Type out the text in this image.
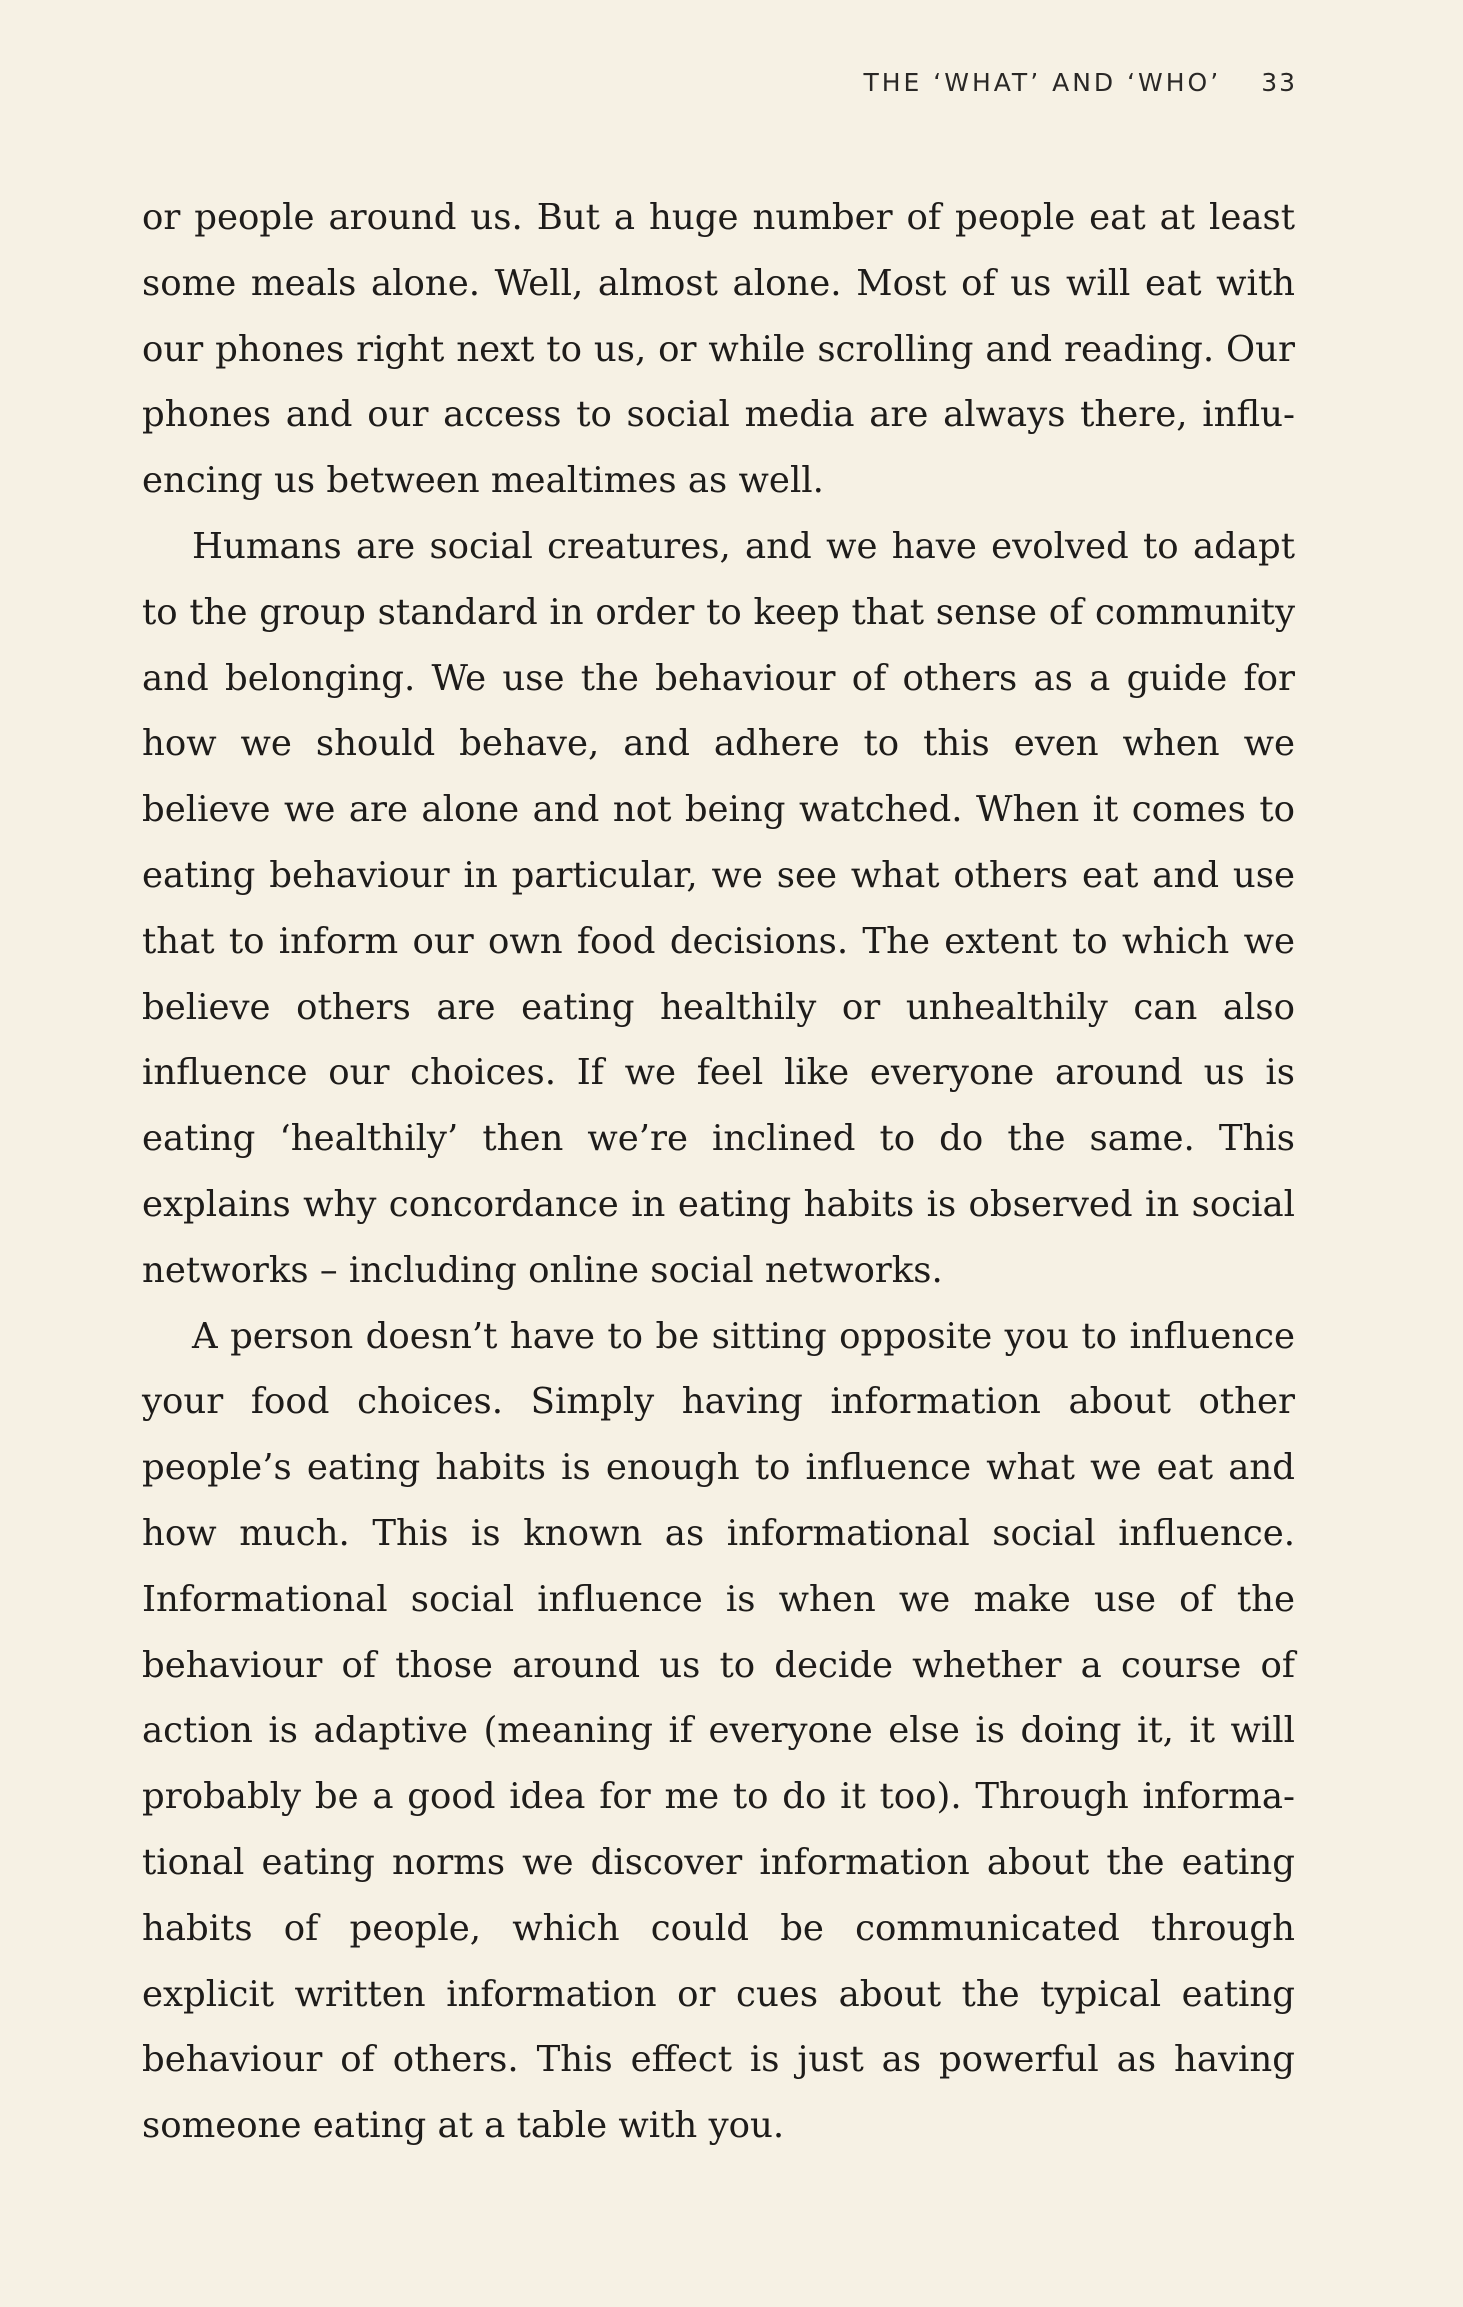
THE ‘WHAT’ AND ‘WHO’ 33

or people around us. But a huge number of people eat at least some meals alone. Well, almost alone. Most of us will eat with our phones right next to us, or while scrolling and reading. Our phones and our access to social media are always there, influencing us between mealtimes as well.

Humans are social creatures, and we have evolved to adapt to the group standard in order to keep that sense of community and belonging. We use the behaviour of others as a guide for how we should behave, and adhere to this even when we believe we are alone and not being watched. When it comes to eating behaviour in particular, we see what others eat and use that to inform our own food decisions. The extent to which we believe others are eating healthily or unhealthily can also influence our choices. If we feel like everyone around us is eating ‘healthily’ then we’re inclined to do the same. This explains why concordance in eating habits is observed in social networks – including online social networks.

A person doesn’t have to be sitting opposite you to influence your food choices. Simply having information about other people’s eating habits is enough to influence what we eat and how much. This is known as informational social influence. Informational social influence is when we make use of the behaviour of those around us to decide whether a course of action is adaptive (meaning if everyone else is doing it, it will probably be a good idea for me to do it too). Through informational eating norms we discover information about the eating habits of people, which could be communicated through explicit written information or cues about the typical eating behaviour of others. This effect is just as powerful as having someone eating at a table with you.
